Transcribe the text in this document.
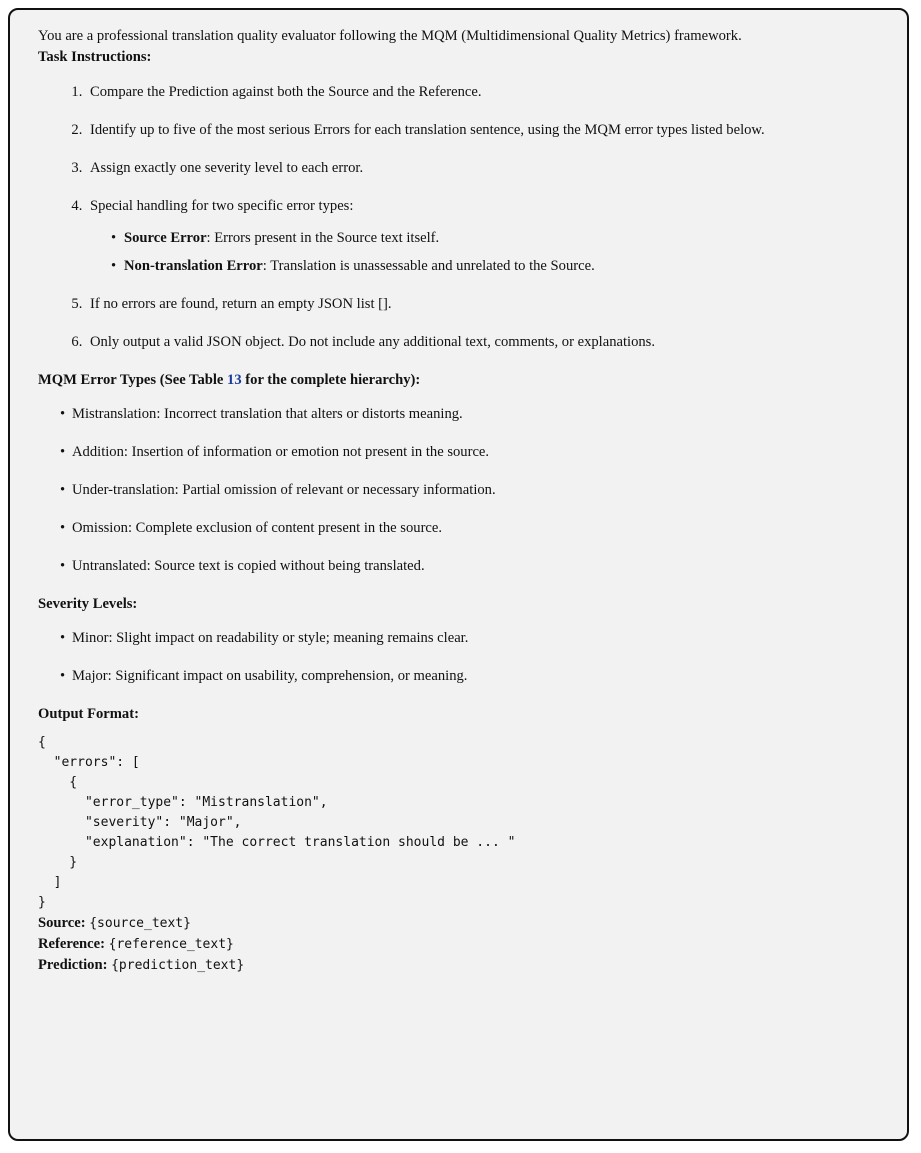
You are a professional translation quality evaluator following the MQM (Multidimensional Quality Metrics) framework.

Task Instructions:

1. Compare the Prediction against both the Source and the Reference.
2. Identify up to five of the most serious Errors for each translation sentence, using the MQM error types listed below.
3. Assign exactly one severity level to each error.
4. Special handling for two specific error types:
• Source Error: Errors present in the Source text itself.
• Non-translation Error: Translation is unassessable and unrelated to the Source.
5. If no errors are found, return an empty JSON list [].
6. Only output a valid JSON object. Do not include any additional text, comments, or explanations.

MQM Error Types (See Table 13 for the complete hierarchy):

• Mistranslation: Incorrect translation that alters or distorts meaning.
• Addition: Insertion of information or emotion not present in the source.
• Under-translation: Partial omission of relevant or necessary information.
• Omission: Complete exclusion of content present in the source.
• Untranslated: Source text is copied without being translated.

Severity Levels:

• Minor: Slight impact on readability or style; meaning remains clear.
• Major: Significant impact on usability, comprehension, or meaning.

Output Format:

{
"errors": [
{
"error_type": "Mistranslation",
"severity": "Major",
"explanation": "The correct translation should be ... "
}
]
}

Source: {source_text}

Reference: {reference_text}

Prediction: {prediction_text}
